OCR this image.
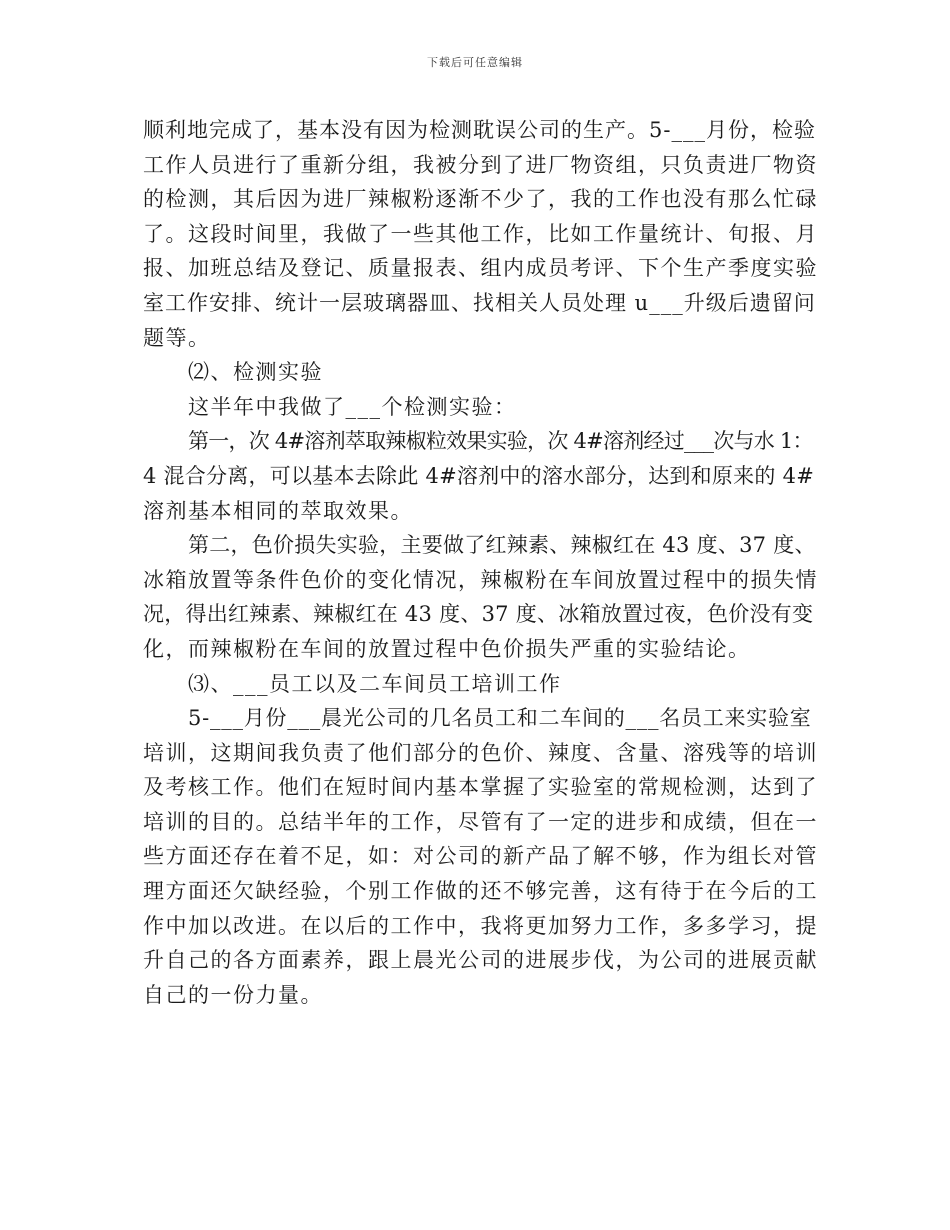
下载后可任意编辑
顺利地完成了，基本没有因为检测耽误公司的生产。5-___月份，检验
工作人员进行了重新分组，我被分到了进厂物资组，只负责进厂物资
的检测，其后因为进厂辣椒粉逐渐不少了，我的工作也没有那么忙碌
了。这段时间里，我做了一些其他工作，比如工作量统计、旬报、月
报、加班总结及登记、质量报表、组内成员考评、下个生产季度实验
室工作安排、统计一层玻璃器皿、找相关人员处理 u___升级后遗留问
题等。
⑵、检测实验
这半年中我做了___个检测实验：
第一，次 4#溶剂萃取辣椒粒效果实验，次 4#溶剂经过___次与水 1：
4 混合分离，可以基本去除此 4#溶剂中的溶水部分，达到和原来的 4#
溶剂基本相同的萃取效果。
第二，色价损失实验，主要做了红辣素、辣椒红在 43 度、37 度、
冰箱放置等条件色价的变化情况，辣椒粉在车间放置过程中的损失情
况，得出红辣素、辣椒红在 43 度、37 度、冰箱放置过夜，色价没有变
化，而辣椒粉在车间的放置过程中色价损失严重的实验结论。
⑶、___员工以及二车间员工培训工作
5-___月份___晨光公司的几名员工和二车间的___名员工来实验室
培训，这期间我负责了他们部分的色价、辣度、含量、溶残等的培训
及考核工作。他们在短时间内基本掌握了实验室的常规检测，达到了
培训的目的。总结半年的工作，尽管有了一定的进步和成绩，但在一
些方面还存在着不足，如：对公司的新产品了解不够，作为组长对管
理方面还欠缺经验，个别工作做的还不够完善，这有待于在今后的工
作中加以改进。在以后的工作中，我将更加努力工作，多多学习，提
升自己的各方面素养，跟上晨光公司的进展步伐，为公司的进展贡献
自己的一份力量。
